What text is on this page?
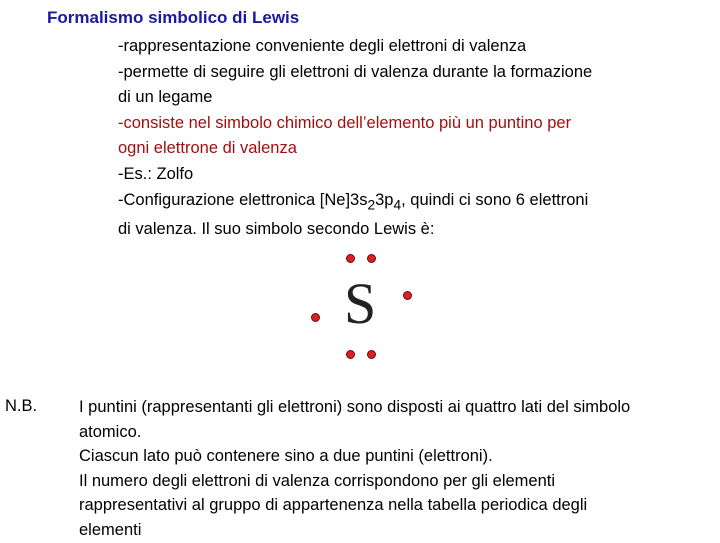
Formalismo simbolico di Lewis
-rappresentazione conveniente degli elettroni di valenza
-permette di seguire gli elettroni di valenza durante la formazione
di un legame
-consiste nel simbolo chimico dell’elemento più un puntino per
ogni elettrone di valenza
-Es.: Zolfo
-Configurazione elettronica $[Ne]3s_23p_4$, quindi ci sono 6 elettroni
di valenza. Il suo simbolo secondo Lewis è:
S
N.B.	I puntini (rappresentanti gli elettroni) sono disposti ai quattro lati del simbolo
atomico.
Ciascun lato può contenere sino a due puntini (elettroni).
Il numero degli elettroni di valenza corrispondono per gli elementi
rappresentativi al gruppo di appartenenza nella tabella periodica degli
elementi
